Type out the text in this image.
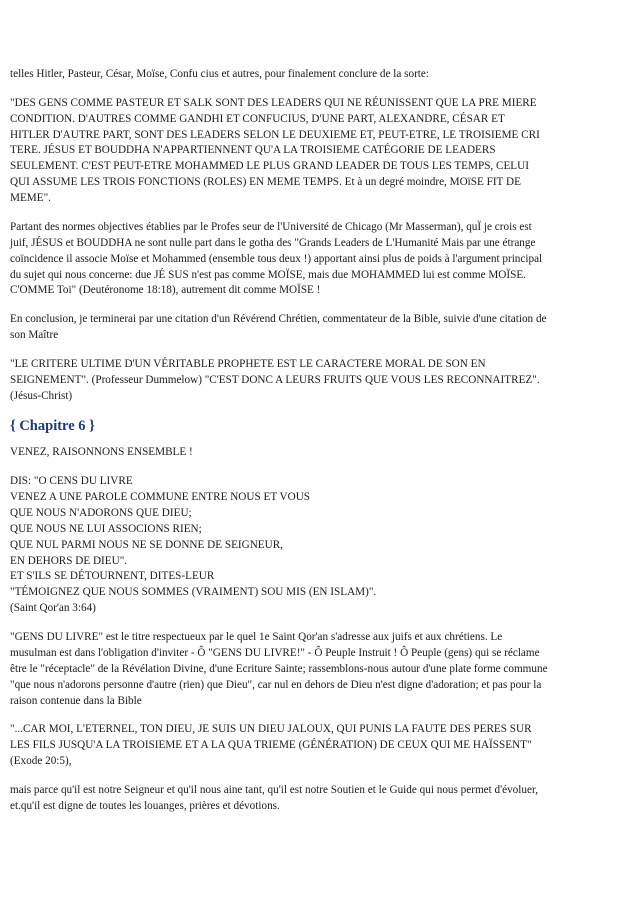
telles Hitler, Pasteur, César, Moïse, Confu cius et autres, pour finalement conclure de la sorte:
"DES GENS COMME PASTEUR ET SALK SONT DES LEADERS QUI NE RÉUNISSENT QUE LA PRE MIERE
CONDITION. D'AUTRES COMME GANDHI ET CONFUCIUS, D'UNE PART, ALEXANDRE, CÉSAR ET
HITLER D'AUTRE PART, SONT DES LEADERS SELON LE DEUXIEME ET, PEUT-ETRE, LE TROISIEME CRI
TERE. JÉSUS ET BOUDDHA N'APPARTIENNENT QU'A LA TROISIEME CATÉGORIE DE LEADERS
SEULEMENT. C'EST PEUT-ETRE MOHAMMED LE PLUS GRAND LEADER DE TOUS LES TEMPS, CELUI
QUI ASSUME LES TROIS FONCTIONS (ROLES) EN MEME TEMPS. Et à un degré moindre, MOïSE FIT DE
MEME".
Partant des normes objectives établies par le Profes seur de l'Université de Chicago (Mr Masserman), quÏ je crois est
juif, JÉSUS et BOUDDHA ne sont nulle part dans le gotha des "Grands Leaders de L'Humanité Mais par une étrange
coïncidence il associe Moïse et Mohammed (ensemble tous deux !) apportant ainsi plus de poids à l'argument principal
du sujet qui nous concerne: due JÉ SUS n'est pas comme MOÏSE, mais due MOHAMMED lui est comme MOÏSE.
C'OMME Toi" (Deutéronome 18:18), autrement dit comme MOÏSE !
En conclusion, je terminerai par une citation d'un Révérend Chrétien, commentateur de la Bible, suivie d'une citation de
son Maître
"LE CRITERE ULTIME D'UN VÉRITABLE PROPHETE EST LE CARACTERE MORAL DE SON EN
SEIGNEMENT". (Professeur Dummelow) "C'EST DONC A LEURS FRUITS QUE VOUS LES RECONNAITREZ".
(Jésus-Christ)
{ Chapitre 6 }
VENEZ, RAISONNONS ENSEMBLE !
DIS: "O CENS DU LIVRE
VENEZ A UNE PAROLE COMMUNE ENTRE NOUS ET VOUS
QUE NOUS N'ADORONS QUE DIEU;
QUE NOUS NE LUI ASSOCIONS RIEN;
QUE NUL PARMI NOUS NE SE DONNE DE SEIGNEUR,
EN DEHORS DE DIEU".
ET S'ILS SE DÉTOURNENT, DITES-LEUR
"TÉMOIGNEZ QUE NOUS SOMMES (VRAIMENT) SOU MIS (EN ISLAM)".
(Saint Qor'an 3:64)
"GENS DU LIVRE" est le titre respectueux par le quel 1e Saint Qor'an s'adresse aux juifs et aux chrétiens. Le
musulman est dans l'obligation d'inviter - Ô "GENS DU LIVRE!" - Ô Peuple Instruit ! Ô Peuple (gens) qui se réclame
être le "réceptacle" de la Révélation Divine, d'une Ecriture Sainte; rassemblons-nous autour d'une plate forme commune
"que nous n'adorons personne d'autre (rien) que Dieu", car nul en dehors de Dieu n'est digne d'adoration; et pas pour la
raison contenue dans la Bible
"...CAR MOI, L'ETERNEL, TON DIEU, JE SUIS UN DIEU JALOUX, QUI PUNIS LA FAUTE DES PERES SUR
LES FILS JUSQU'A LA TROISIEME ET A LA QUA TRIEME (GÉNÉRATION) DE CEUX QUI ME HAÏSSENT"
(Exode 20:5),
mais parce qu'il est notre Seigneur et qu'il nous aine tant, qu'il est notre Soutien et le Guide qui nous permet d'évoluer,
et.qu'il est digne de toutes les louanges, prières et dévotions.
